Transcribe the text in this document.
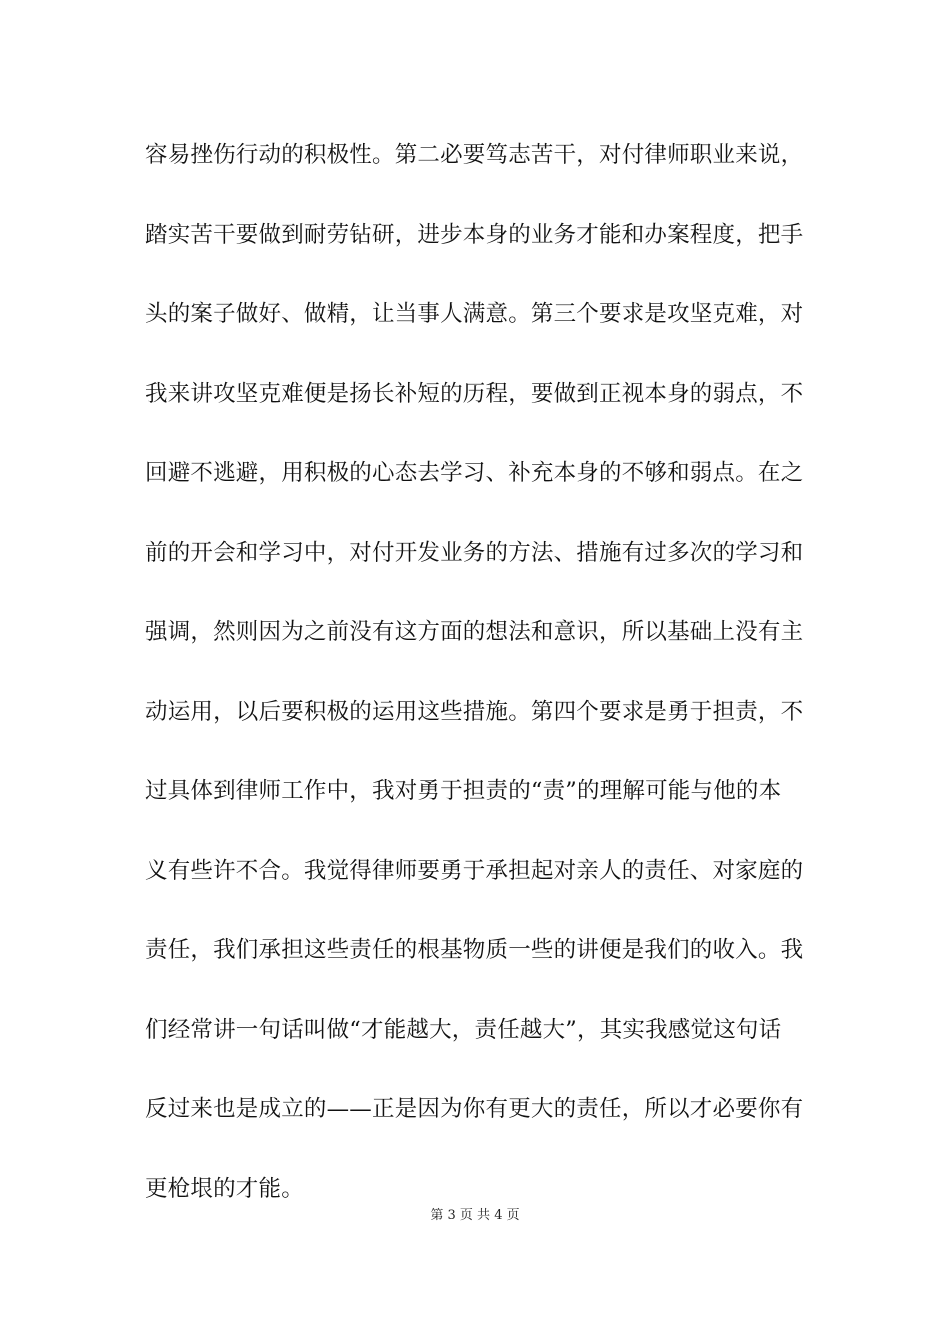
容易挫伤行动的积极性。第二必要笃志苦干，对付律师职业来说，
踏实苦干要做到耐劳钻研，进步本身的业务才能和办案程度，把手
头的案子做好、做精，让当事人满意。第三个要求是攻坚克难，对
我来讲攻坚克难便是扬长补短的历程，要做到正视本身的弱点，不
回避不逃避，用积极的心态去学习、补充本身的不够和弱点。在之
前的开会和学习中，对付开发业务的方法、措施有过多次的学习和
强调，然则因为之前没有这方面的想法和意识，所以基础上没有主
动运用，以后要积极的运用这些措施。第四个要求是勇于担责，不
过具体到律师工作中，我对勇于担责的“责”的理解可能与他的本
义有些许不合。我觉得律师要勇于承担起对亲人的责任、对家庭的
责任，我们承担这些责任的根基物质一些的讲便是我们的收入。我
们经常讲一句话叫做“才能越大，责任越大”，其实我感觉这句话
反过来也是成立的——正是因为你有更大的责任，所以才必要你有
更枪垠的才能。
第 3 页 共 4 页
